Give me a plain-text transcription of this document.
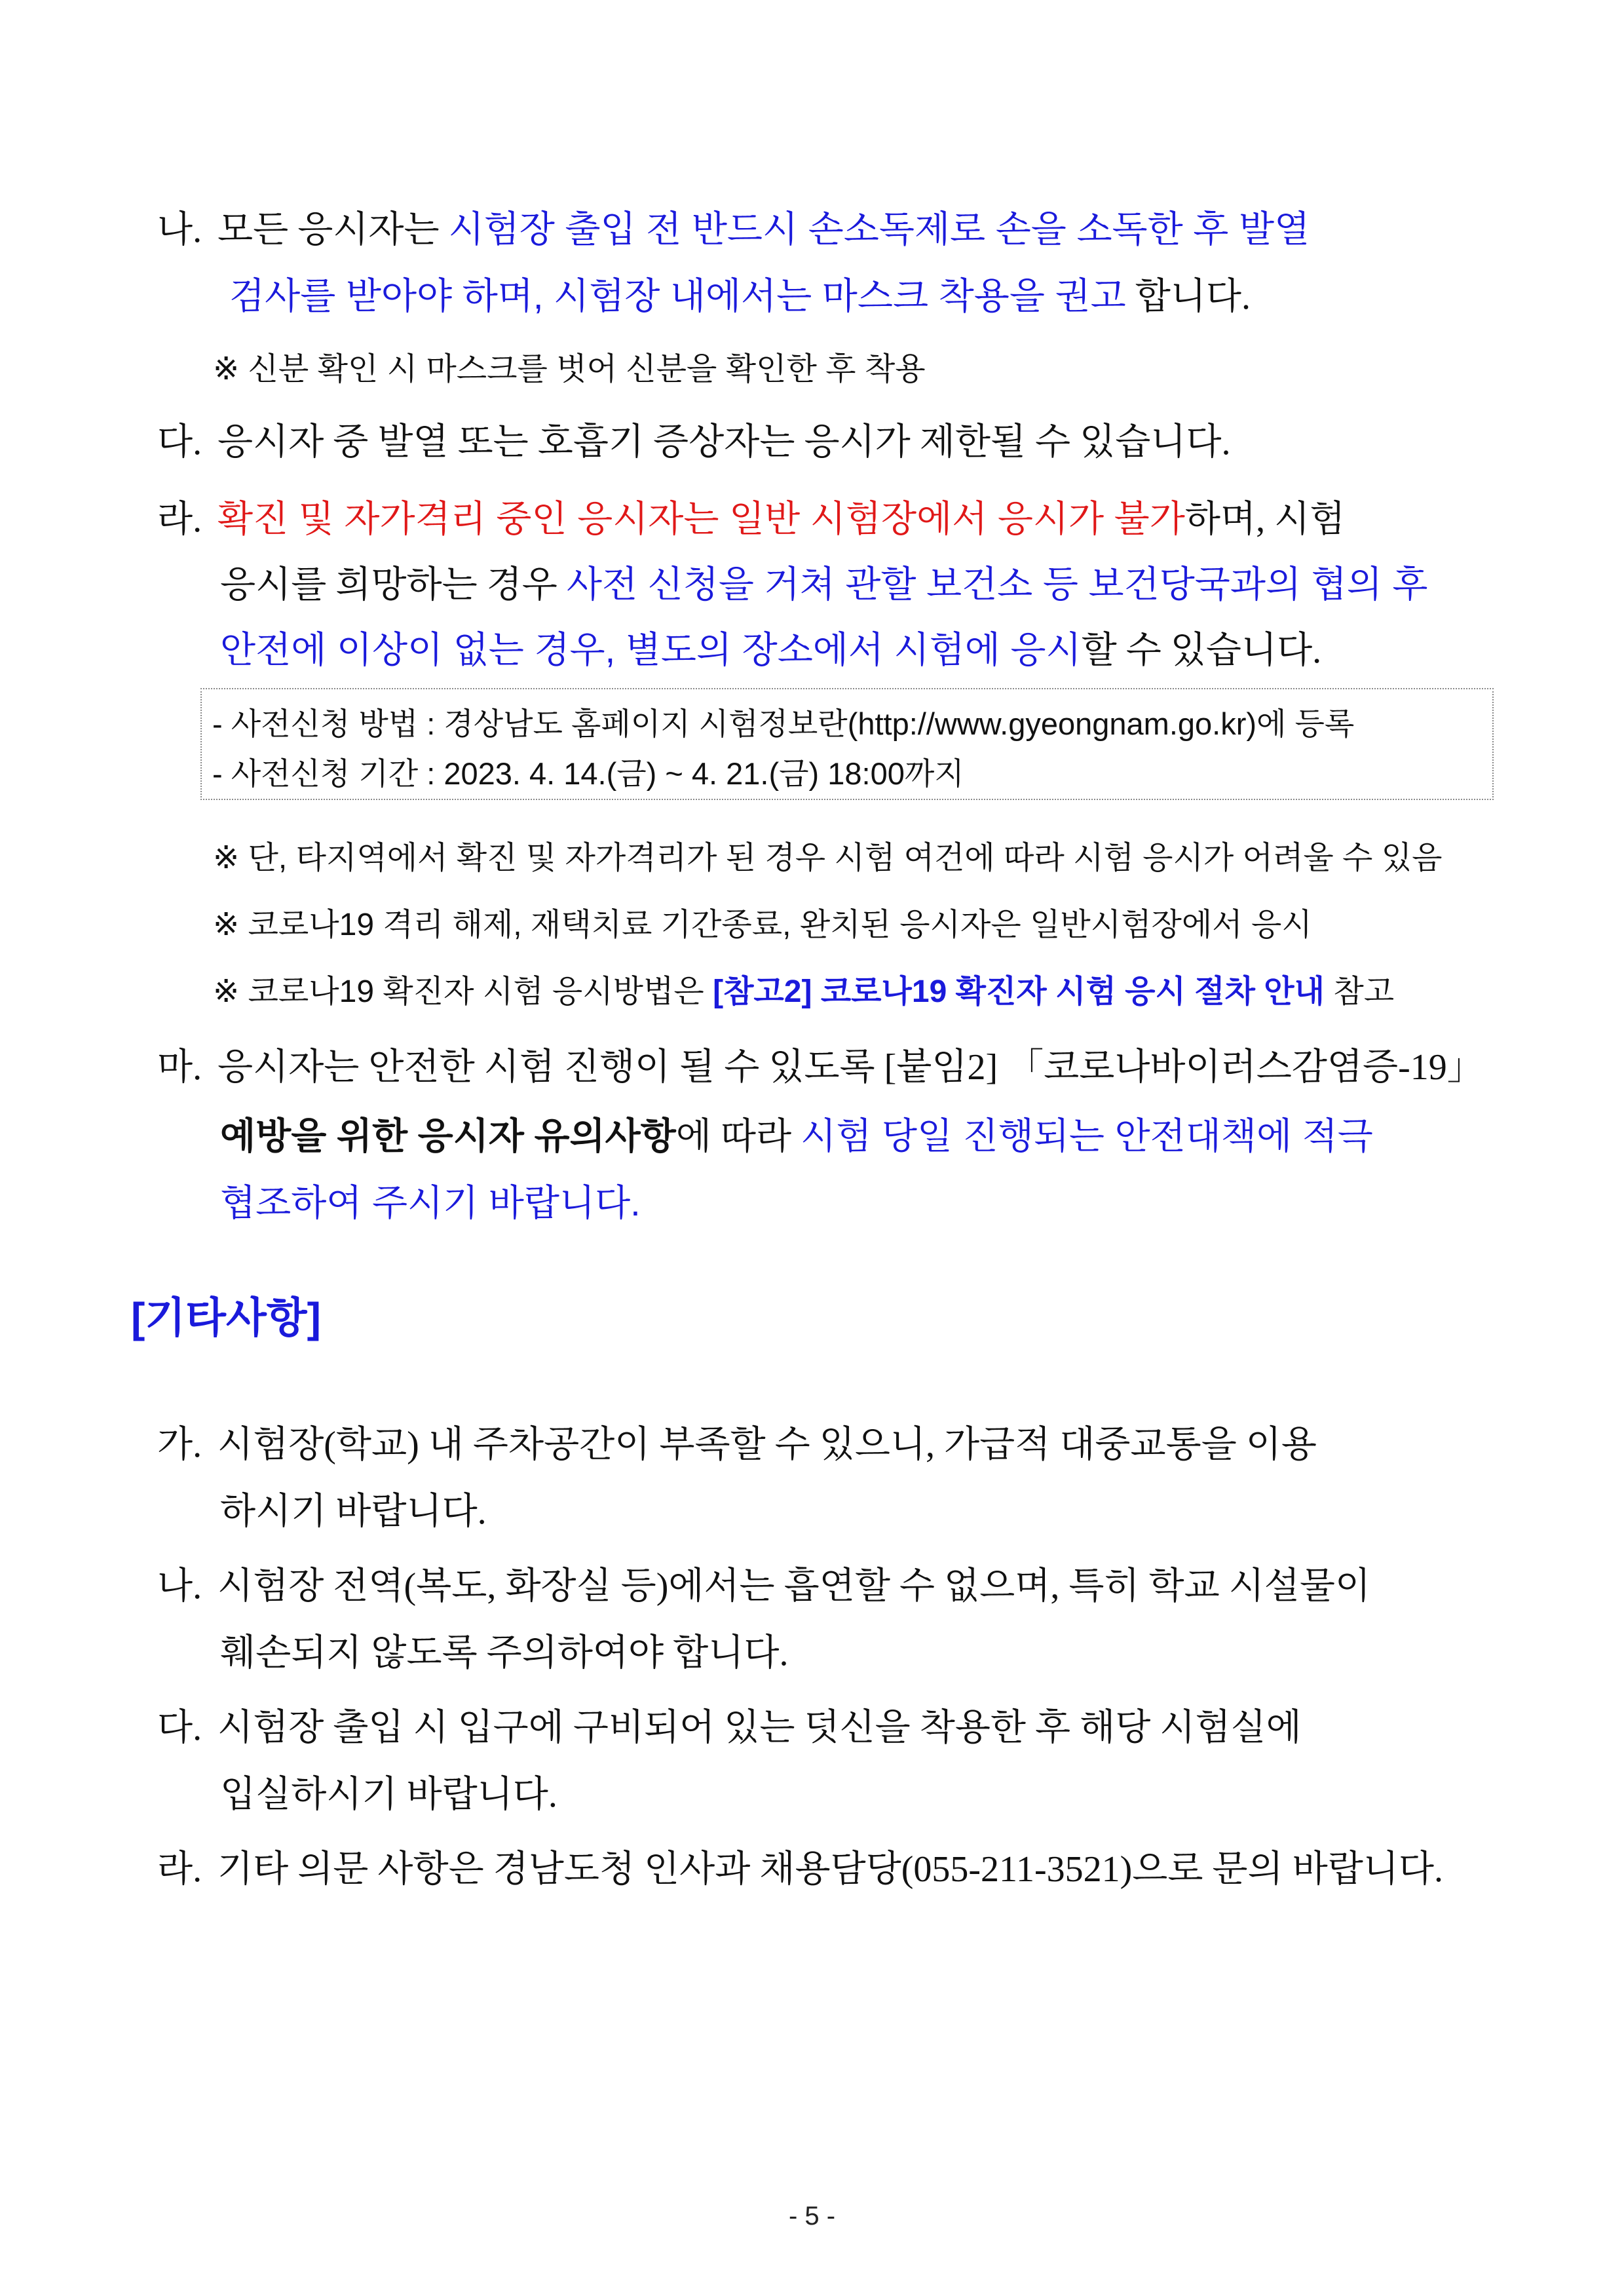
나. 모든 응시자는 시험장 출입 전 반드시 손소독제로 손을 소독한 후 발열
검사를 받아야 하며, 시험장 내에서는 마스크 착용을 권고 합니다.
※ 신분 확인 시 마스크를 벗어 신분을 확인한 후 착용
다. 응시자 중 발열 또는 호흡기 증상자는 응시가 제한될 수 있습니다.
라. 확진 및 자가격리 중인 응시자는 일반 시험장에서 응시가 불가하며, 시험
응시를 희망하는 경우 사전 신청을 거쳐 관할 보건소 등 보건당국과의 협의 후
안전에 이상이 없는 경우, 별도의 장소에서 시험에 응시할 수 있습니다.
- 사전신청 방법 : 경상남도 홈페이지 시험정보란(http://www.gyeongnam.go.kr)에 등록
- 사전신청 기간 : 2023. 4. 14.(금) ~ 4. 21.(금) 18:00까지
※ 단, 타지역에서 확진 및 자가격리가 된 경우 시험 여건에 따라 시험 응시가 어려울 수 있음
※ 코로나19 격리 해제, 재택치료 기간종료, 완치된 응시자은 일반시험장에서 응시
※ 코로나19 확진자 시험 응시방법은 [참고2] 코로나19 확진자 시험 응시 절차 안내 참고
마. 응시자는 안전한 시험 진행이 될 수 있도록 [붙임2] 「코로나바이러스감염증-19」
예방을 위한 응시자 유의사항에 따라 시험 당일 진행되는 안전대책에 적극
협조하여 주시기 바랍니다.
[기타사항]
가. 시험장(학교) 내 주차공간이 부족할 수 있으니, 가급적 대중교통을 이용
하시기 바랍니다.
나. 시험장 전역(복도, 화장실 등)에서는 흡연할 수 없으며, 특히 학교 시설물이
훼손되지 않도록 주의하여야 합니다.
다. 시험장 출입 시 입구에 구비되어 있는 덧신을 착용한 후 해당 시험실에
입실하시기 바랍니다.
라. 기타 의문 사항은 경남도청 인사과 채용담당(055-211-3521)으로 문의 바랍니다.
- 5 -
